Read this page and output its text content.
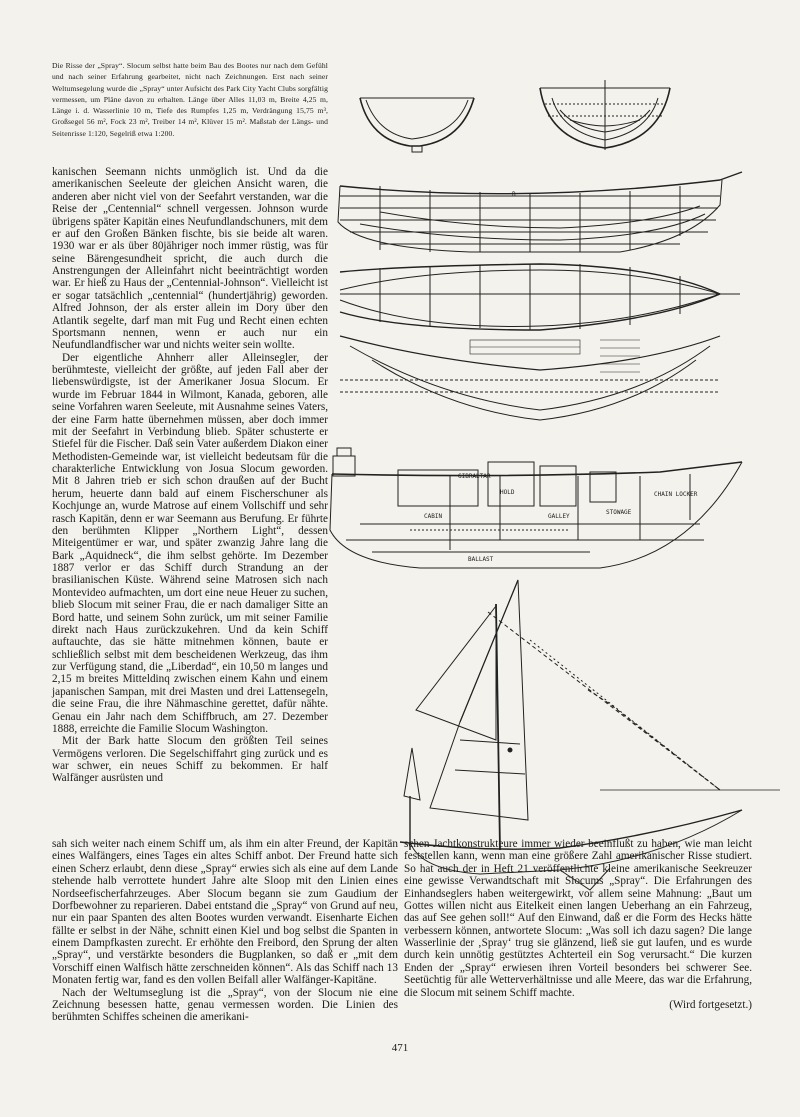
Die Risse der „Spray“. Slocum selbst hatte beim Bau des Bootes nur nach dem Gefühl und nach seiner Erfahrung gearbeitet, nicht nach Zeichnungen. Erst nach seiner Weltumsegelung wurde die „Spray“ unter Aufsicht des Park City Yacht Clubs sorgfältig vermessen, um Pläne davon zu erhalten. Länge über Alles 11,03 m, Breite 4,25 m, Länge i. d. Wasserlinie 10 m, Tiefe des Rumpfes 1,25 m, Verdrängung 15,75 m³, Großsegel 56 m², Fock 23 m², Treiber 14 m², Klüver 15 m². Maßstab der Längs- und Seitenrisse 1:120, Segelriß etwa 1:200.

kanischen Seemann nichts unmöglich ist. Und da die amerikanischen Seeleute der gleichen Ansicht waren, die anderen aber nicht viel von der Seefahrt verstanden, war die Reise der „Centennial“ schnell vergessen. Johnson wurde übrigens später Kapitän eines Neufundlandschuners, mit dem er auf den Großen Bänken fischte, bis sie beide alt waren. 1930 war er als über 80jähriger noch immer rüstig, was für seine Bärengesundheit spricht, die auch durch die Anstrengungen der Alleinfahrt nicht beeinträchtigt worden war. Er hieß zu Haus der „Centennial-Johnson“. Vielleicht ist er sogar tatsächlich „centennial“ (hundertjährig) geworden. Alfred Johnson, der als erster allein im Dory über den Atlantik segelte, darf man mit Fug und Recht einen echten Sportsmann nennen, wenn er auch nur ein Neufundlandfischer war und nichts weiter sein wollte.

Der eigentliche Ahnherr aller Alleinsegler, der berühmteste, vielleicht der größte, auf jeden Fall aber der liebenswürdigste, ist der Amerikaner Josua Slocum. Er wurde im Februar 1844 in Wilmont, Kanada, geboren, alle seine Vorfahren waren Seeleute, mit Ausnahme seines Vaters, der eine Farm hatte übernehmen müssen, aber doch immer mit der Seefahrt in Verbindung blieb. Später schusterte er Stiefel für die Fischer. Daß sein Vater außerdem Diakon einer Methodisten-Gemeinde war, ist vielleicht bedeutsam für die charakterliche Entwicklung von Josua Slocum geworden. Mit 8 Jahren trieb er sich schon draußen auf der Bucht herum, heuerte dann bald auf einem Fischerschuner als Kochjunge an, wurde Matrose auf einem Vollschiff und sehr rasch Kapitän, denn er war Seemann aus Berufung. Er führte den berühmten Klipper „Northern Light“, dessen Miteigentümer er war, und später zwanzig Jahre lang die Bark „Aquidneck“, die ihm selbst gehörte. Im Dezember 1887 verlor er das Schiff durch Strandung an der brasilianischen Küste. Während seine Matrosen sich nach Montevideo aufmachten, um dort eine neue Heuer zu suchen, blieb Slocum mit seiner Frau, die er nach damaliger Sitte an Bord hatte, und seinem Sohn zurück, um mit seiner Familie direkt nach Haus zurückzukehren. Und da kein Schiff auftauchte, das sie hätte mitnehmen können, baute er schließlich selbst mit dem bescheidenen Werkzeug, das ihm zur Verfügung stand, die „Liberdad“, ein 10,50 m langes und 2,15 m breites Mitteldinq zwischen einem Kahn und einem japanischen Sampan, mit drei Masten und drei Lattensegeln, die seine Frau, die ihre Nähmaschine gerettet, dafür nähte. Genau ein Jahr nach dem Schiffbruch, am 27. Dezember 1888, erreichte die Familie Slocum Washington.

Mit der Bark hatte Slocum den größten Teil seines Vermögens verloren. Die Segelschiffahrt ging zurück und es war schwer, ein neues Schiff zu bekommen. Er half Walfänger ausrüsten und

sah sich weiter nach einem Schiff um, als ihm ein alter Freund, der Kapitän eines Walfängers, eines Tages ein altes Schiff anbot. Der Freund hatte sich einen Scherz erlaubt, denn diese „Spray“ erwies sich als eine auf dem Lande stehende halb verrottete hundert Jahre alte Sloop mit den Linien eines Nordseefischerfahrzeuges. Aber Slocum begann sie zum Gaudium der Dorfbewohner zu reparieren. Dabei entstand die „Spray“ von Grund auf neu, nur ein paar Spanten des alten Bootes wurden verwandt. Eisenharte Eichen fällte er selbst in der Nähe, schnitt einen Kiel und bog selbst die Spanten in einem Dampfkasten zurecht. Er erhöhte den Freibord, den Sprung der alten „Spray“, und verstärkte besonders die Bugplanken, so daß er „mit dem Vorschiff einen Walfisch hätte zerschneiden können“. Als das Schiff nach 13 Monaten fertig war, fand es den vollen Beifall aller Walfänger-Kapitäne.

Nach der Weltumseglung ist die „Spray“, von der Slocum nie eine Zeichnung besessen hatte, genau vermessen worden. Die Linien des berühmten Schiffes scheinen die amerikani-

schen Jachtkonstrukteure immer wieder beeinflußt zu haben, wie man leicht feststellen kann, wenn man eine größere Zahl amerikanischer Risse studiert. So hat auch der in Heft 21 veröffentlichte kleine amerikanische Seekreuzer eine gewisse Verwandtschaft mit Slocums „Spray“. Die Erfahrungen des Einhandseglers haben weitergewirkt, vor allem seine Mahnung: „Baut um Gottes willen nicht aus Eitelkeit einen langen Ueberhang an ein Fahrzeug, das auf See gehen soll!“ Auf den Einwand, daß er die Form des Hecks hätte verbessern können, antwortete Slocum: „Was soll ich dazu sagen? Die lange Wasserlinie der ‚Spray‘ trug sie glänzend, ließ sie gut laufen, und es wurde durch kein unnötig gestütztes Achterteil ein Sog verursacht.“ Die kurzen Enden der „Spray“ erwiesen ihren Vorteil besonders bei schwerer See. Seetüchtig für alle Wetterverhältnisse und alle Meere, das war die Erfahrung, die Slocum mit seinem Schiff machte.

(Wird fortgesetzt.)
471
B
GIBRALTAR
CABIN	GALLEY
STOWAGE
CHAIN LOCKER
BALLAST
HOLD
